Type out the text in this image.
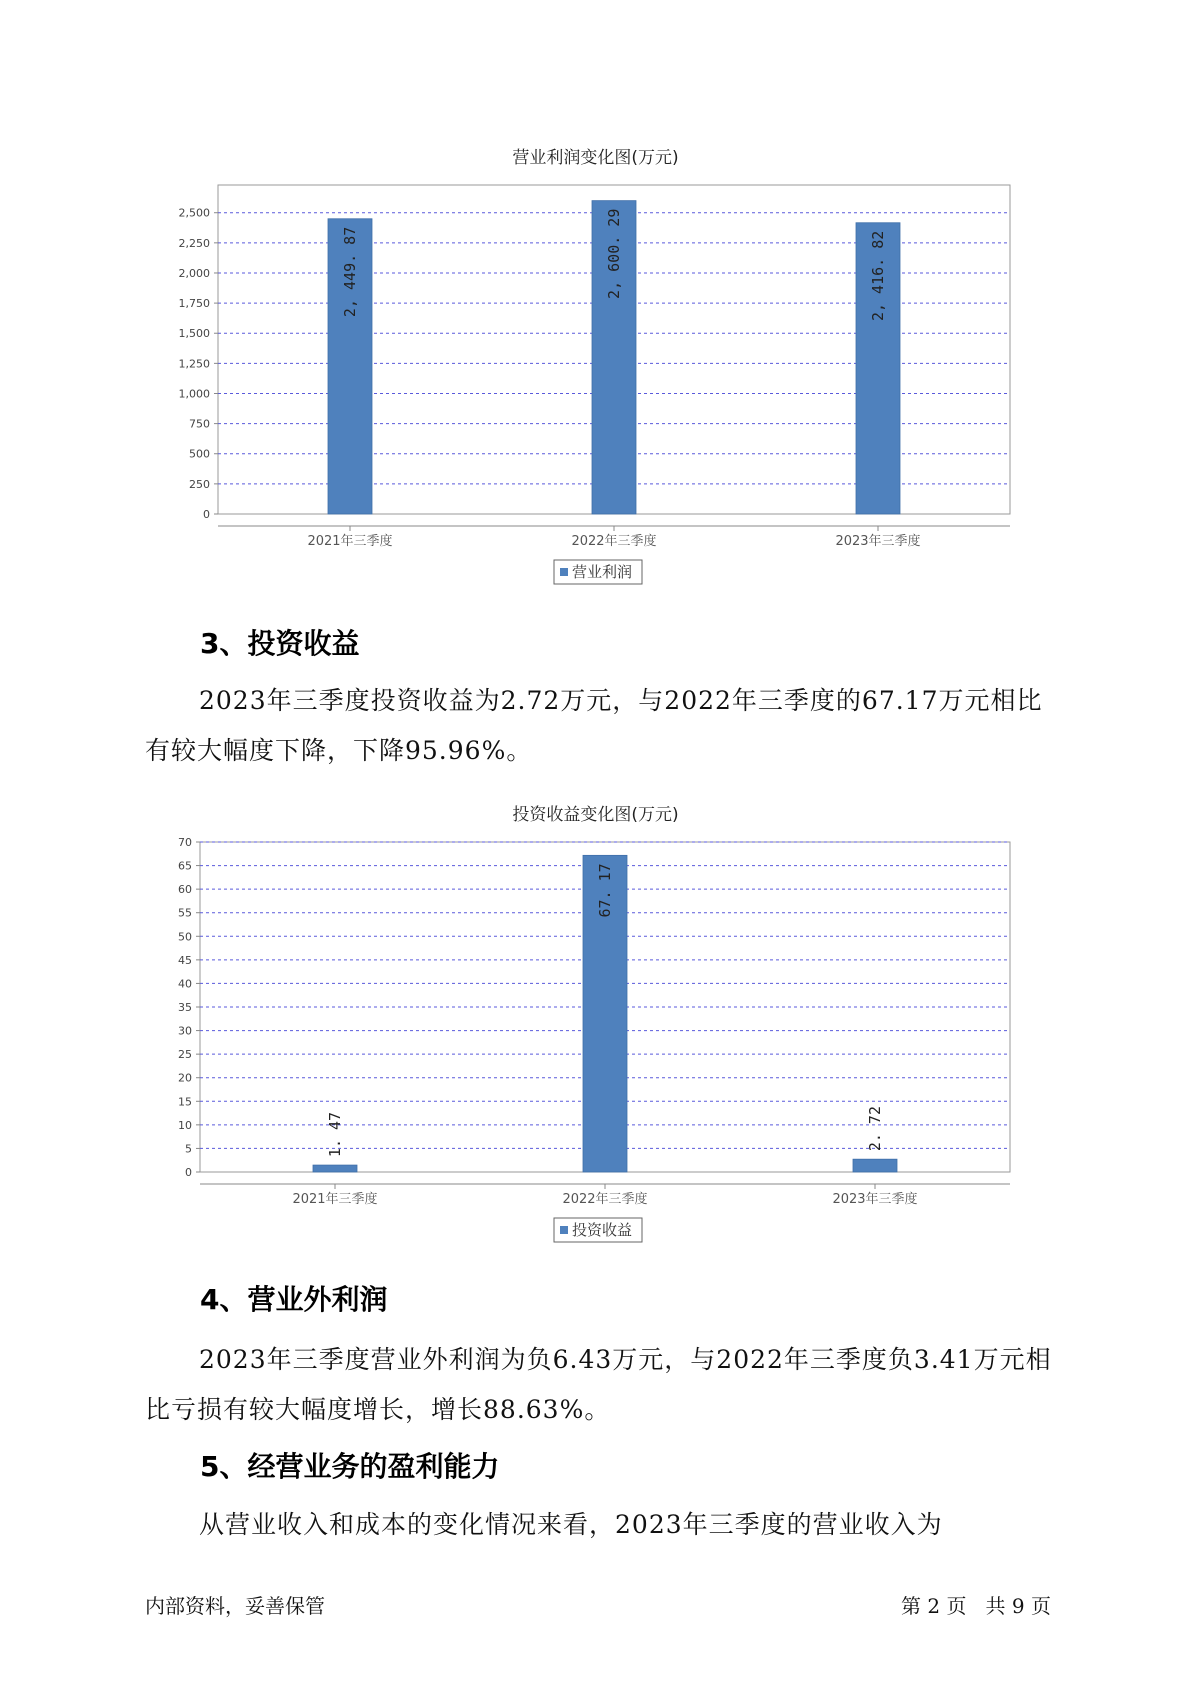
营业利润变化图(万元)
0
250
500
750
1,000
1,250
1,500
1,750
2,000
2,250
2,500
2021年三季度
2, 449. 87
2022年三季度
2, 600. 29
2023年三季度
2, 416. 82
营业利润
3、投资收益
2023年三季度投资收益为2.72万元，与2022年三季度的67.17万元相比有较大幅度下降，下降95.96%。
投资收益变化图(万元)
0
5
10
15
20
25
30
35
40
45
50
55
60
65
70
2021年三季度
1. 47
2022年三季度
67. 17
2023年三季度
2. 72
投资收益
4、营业外利润
2023年三季度营业外利润为负6.43万元，与2022年三季度负3.41万元相比亏损有较大幅度增长，增长88.63%。
5、经营业务的盈利能力
从营业收入和成本的变化情况来看，2023年三季度的营业收入为
内部资料，妥善保管	第 2 页   共 9 页
